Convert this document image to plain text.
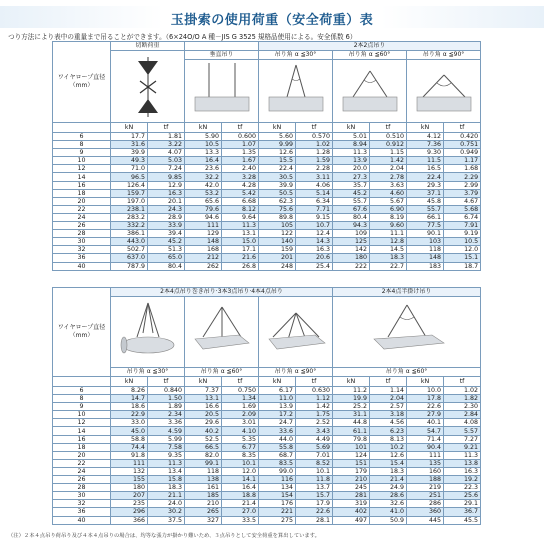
玉掛索の使用荷重（安全荷重）表
つり方法により表中の重量まで吊ることができます。（6×24O/O A 種－JIS G 3525 規格品使用による。安全係数 6）
ワイヤロープ直径（mm）	切断荷重				2本2点吊り					

	垂直吊り		吊り角 α ≦30°		吊り角 α ≦60°		吊り角 α ≦90°	

	kN	tf	kN	tf	kN	tf	kN	tf	kN	tf
6	17.7	1.81	5.90	0.600	5.60	0.570	5.01	0.510	4.12	0.420
8	31.6	3.22	10.5	1.07	9.99	1.02	8.94	0.912	7.36	0.751
9	39.9	4.07	13.3	1.35	12.6	1.28	11.3	1.15	9.30	0.949
10	49.3	5.03	16.4	1.67	15.5	1.59	13.9	1.42	11.5	1.17
12	71.0	7.24	23.6	2.40	22.4	2.28	20.0	2.04	16.5	1.68
14	96.5	9.85	32.2	3.28	30.5	3.11	27.3	2.78	22.4	2.29
16	126.4	12.9	42.0	4.28	39.9	4.06	35.7	3.63	29.3	2.99
18	159.7	16.3	53.2	5.42	50.5	5.14	45.2	4.60	37.1	3.79
20	197.0	20.1	65.6	6.68	62.3	6.34	55.7	5.67	45.8	4.67
22	238.1	24.3	79.6	8.12	75.6	7.71	67.6	6.90	55.7	5.68
24	283.2	28.9	94.6	9.64	89.8	9.15	80.4	8.19	66.1	6.74
26	332.2	33.9	111	11.3	105	10.7	94.3	9.60	77.5	7.91
28	386.1	39.4	129	13.1	122	12.4	109	11.1	90.1	9.19
30	443.0	45.2	148	15.0	140	14.3	125	12.8	103	10.5
32	502.7	51.3	168	17.1	159	16.3	142	14.5	118	12.0
36	637.0	65.0	212	21.6	201	20.6	180	18.3	148	15.1
40	787.9	80.4	262	26.8	248	25.4	222	22.7	183	18.7
ワイヤロープ直径（mm）	2本4点吊り巻き吊り·3本3点吊り·4本4点吊り						2本4点半掛け吊り			

	吊り角 α ≦30°		吊り角 α ≦60°		吊り角 α ≦90°		吊り角 α ≦60°			
	kN	tf	kN	tf	kN	tf	kN	tf	kN	tf
6	8.26	0.840	7.37	0.750	6.17	0.630	11.2	1.14	10.0	1.02
8	14.7	1.50	13.1	1.34	11.0	1.12	19.9	2.04	17.8	1.82
9	18.6	1.89	16.6	1.69	13.9	1.42	25.2	2.57	22.6	2.30
10	22.9	2.34	20.5	2.09	17.2	1.75	31.1	3.18	27.9	2.84
12	33.0	3.36	29.6	3.01	24.7	2.52	44.8	4.56	40.1	4.08
14	45.0	4.59	40.2	4.10	33.6	3.43	61.1	6.23	54.7	5.57
16	58.8	5.99	52.5	5.35	44.0	4.49	79.8	8.13	71.4	7.27
18	74.4	7.58	66.5	6.77	55.8	5.69	101	10.2	90.4	9.21
20	91.8	9.35	82.0	8.35	68.7	7.01	124	12.6	111	11.3
22	111	11.3	99.1	10.1	83.5	8.52	151	15.4	135	13.8
24	132	13.4	118	12.0	99.0	10.1	179	18.3	160	16.3
26	155	15.8	138	14.1	116	11.8	210	21.4	188	19.2
28	180	18.3	161	16.4	134	13.7	245	24.9	219	22.3
30	207	21.1	185	18.8	154	15.7	281	28.6	251	25.6
32	235	24.0	210	21.4	176	17.9	319	32.6	286	29.1
36	296	30.2	265	27.0	221	22.6	402	41.0	360	36.7
40	366	37.5	327	33.5	275	28.1	497	50.9	445	45.5
（注）２本４点吊り荷吊り及び４本４点吊りの場合は、均等な張力が掛かり難いため、３点吊りとして安全荷重を算出しています。
